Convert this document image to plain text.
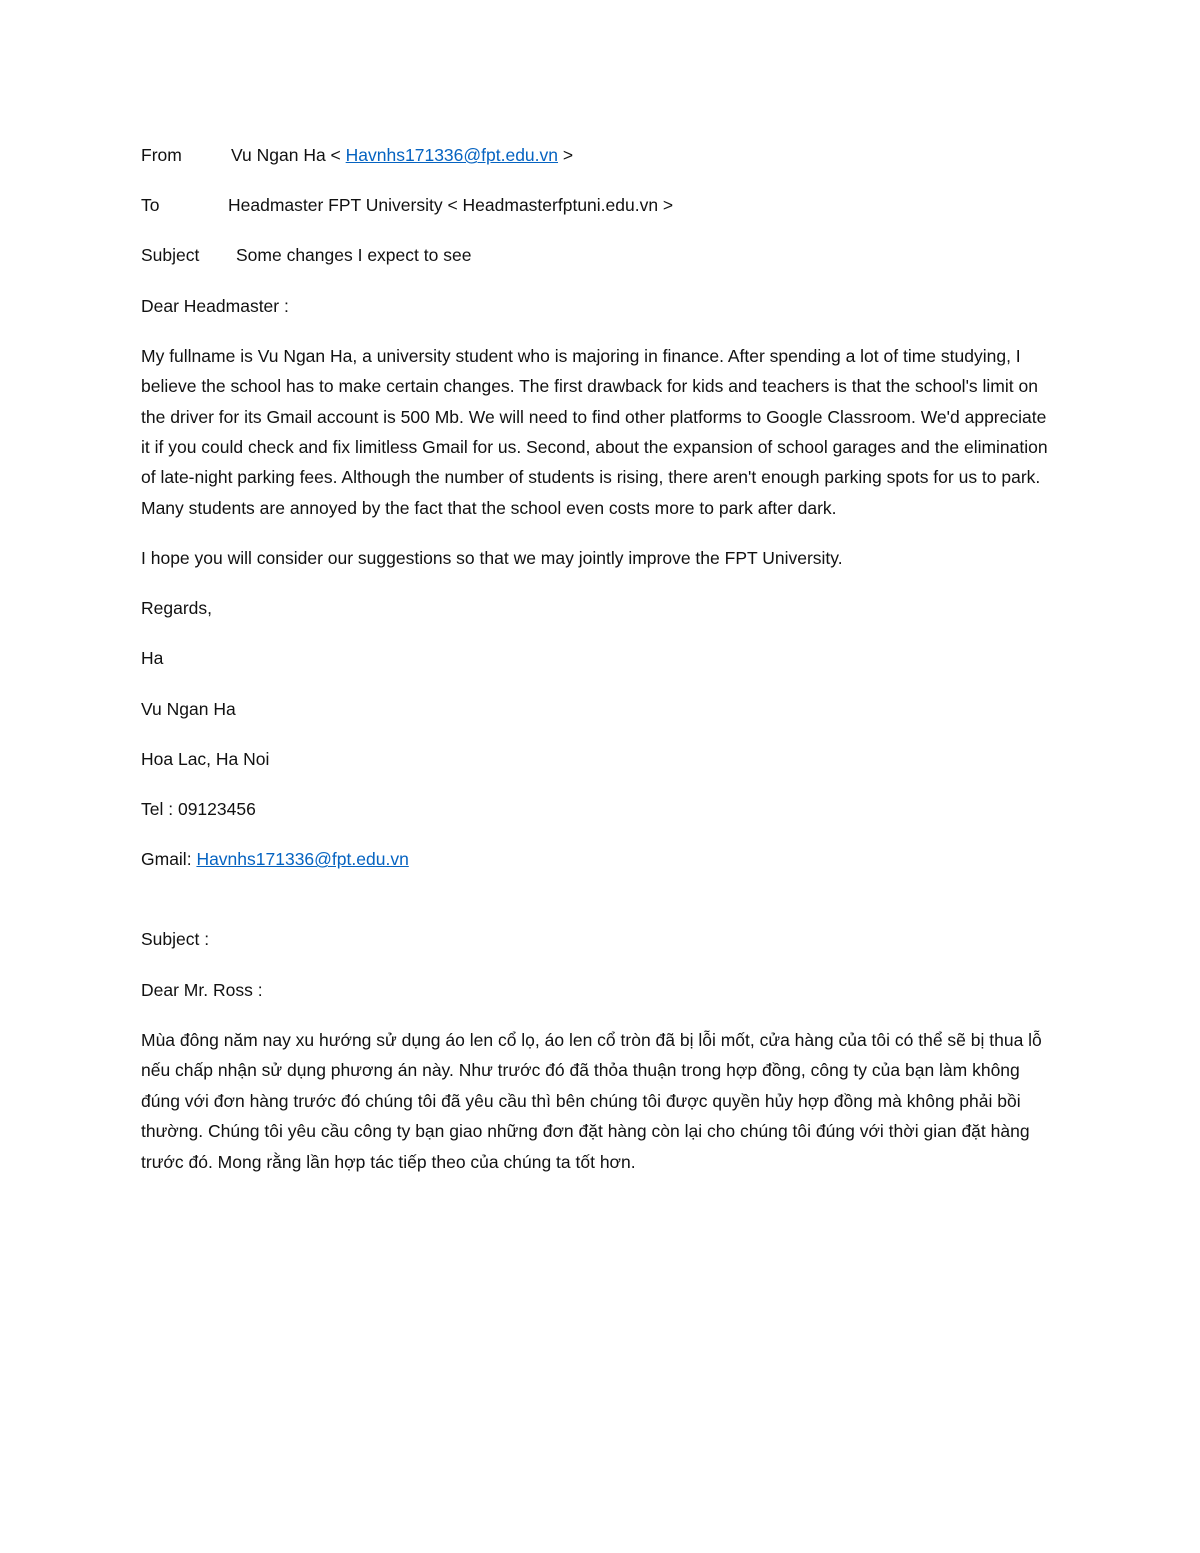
From	Vu Ngan Ha < Havnhs171336@fpt.edu.vn >
To	Headmaster FPT University < Headmasterfptuni.edu.vn >
Subject Some changes I expect to see
Dear Headmaster :
My fullname is Vu Ngan Ha, a university student who is majoring in finance. After spending a lot of time studying, I believe the school has to make certain changes. The first drawback for kids and teachers is that the school's limit on the driver for its Gmail account is 500 Mb. We will need to find other platforms to Google Classroom. We'd appreciate it if you could check and fix limitless Gmail for us. Second, about the expansion of school garages and the elimination of late-night parking fees. Although the number of students is rising, there aren't enough parking spots for us to park. Many students are annoyed by the fact that the school even costs more to park after dark.
I hope you will consider our suggestions so that we may jointly improve the FPT University.
Regards,
Ha
Vu Ngan Ha
Hoa Lac, Ha Noi
Tel : 09123456
Gmail: Havnhs171336@fpt.edu.vn
Subject :
Dear Mr. Ross :
Mùa đông năm nay xu hướng sử dụng áo len cổ lọ, áo len cổ tròn đã bị lỗi mốt, cửa hàng của tôi có thể sẽ bị thua lỗ nếu chấp nhận sử dụng phương án này. Như trước đó đã thỏa thuận trong hợp đồng, công ty của bạn làm không đúng với đơn hàng trước đó chúng tôi đã yêu cầu thì bên chúng tôi được quyền hủy hợp đồng mà không phải bồi thường. Chúng tôi yêu cầu công ty bạn giao những đơn đặt hàng còn lại cho chúng tôi đúng với thời gian đặt hàng trước đó. Mong rằng lần hợp tác tiếp theo của chúng ta tốt hơn.
